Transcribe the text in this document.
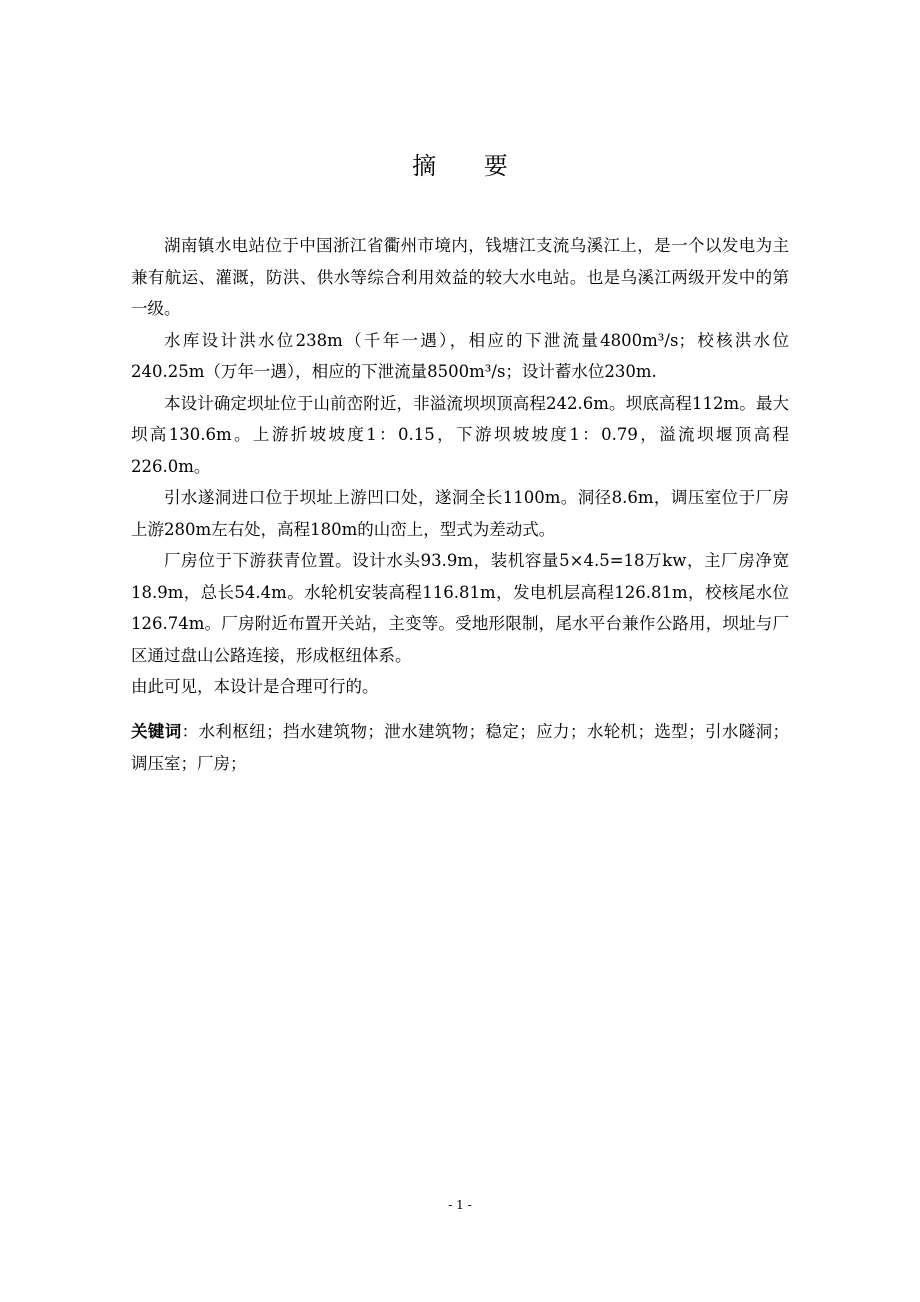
摘 要

湖南镇水电站位于中国浙江省衢州市境内，钱塘江支流乌溪江上，是一个以发电为主兼有航运、灌溉，防洪、供水等综合利用效益的较大水电站。也是乌溪江两级开发中的第一级。

水库设计洪水位238m（千年一遇），相应的下泄流量4800m³/s；校核洪水位240.25m（万年一遇），相应的下泄流量8500m³/s；设计蓄水位230m.

本设计确定坝址位于山前峦附近，非溢流坝坝顶高程242.6m。坝底高程112m。最大坝高130.6m。上游折坡坡度1：0.15，下游坝坡坡度1：0.79，溢流坝堰顶高程226.0m。

引水遂洞进口位于坝址上游凹口处，遂洞全长1100m。洞径8.6m，调压室位于厂房上游280m左右处，高程180m的山峦上，型式为差动式。

厂房位于下游获青位置。设计水头93.9m，装机容量5×4.5=18万kw，主厂房净宽18.9m，总长54.4m。水轮机安装高程116.81m，发电机层高程126.81m，校核尾水位126.74m。厂房附近布置开关站，主变等。受地形限制，尾水平台兼作公路用，坝址与厂区通过盘山公路连接，形成枢纽体系。

由此可见，本设计是合理可行的。

关键词：水利枢纽；挡水建筑物；泄水建筑物；稳定；应力；水轮机；选型；引水隧洞；调压室；厂房；
- 1 -
